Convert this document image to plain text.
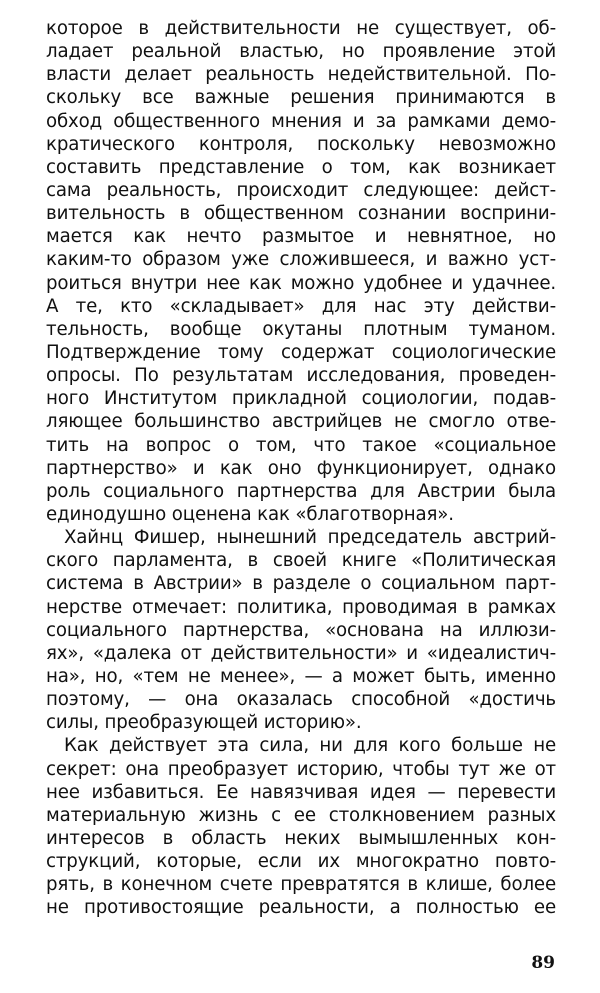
которое в действительности не существует, об-
ладает реальной властью, но проявление этой
власти делает реальность недействительной. По-
скольку все важные решения принимаются в
обход общественного мнения и за рамками демо-
кратического контроля, поскольку невозможно
составить представление о том, как возникает
сама реальность, происходит следующее: дейст-
вительность в общественном сознании восприни-
мается как нечто размытое и невнятное, но
каким-то образом уже сложившееся, и важно уст-
роиться внутри нее как можно удобнее и удачнее.
А те, кто «складывает» для нас эту действи-
тельность, вообще окутаны плотным туманом.
Подтверждение тому содержат социологические
опросы. По результатам исследования, проведен-
ного Институтом прикладной социологии, подав-
ляющее большинство австрийцев не смогло отве-
тить на вопрос о том, что такое «социальное
партнерство» и как оно функционирует, однако
роль социального партнерства для Австрии была
единодушно оценена как «благотворная».
Хайнц Фишер, нынешний председатель австрий-
ского парламента, в своей книге «Политическая
система в Австрии» в разделе о социальном парт-
нерстве отмечает: политика, проводимая в рамках
социального партнерства, «основана на иллюзи-
ях», «далека от действительности» и «идеалистич-
на», но, «тем не менее», — а может быть, именно
поэтому, — она оказалась способной «достичь
силы, преобразующей историю».
Как действует эта сила, ни для кого больше не
секрет: она преобразует историю, чтобы тут же от
нее избавиться. Ее навязчивая идея — перевести
материальную жизнь с ее столкновением разных
интересов в область неких вымышленных кон-
струкций, которые, если их многократно повто-
рять, в конечном счете превратятся в клише, более
не противостоящие реальности, а полностью ее
89
